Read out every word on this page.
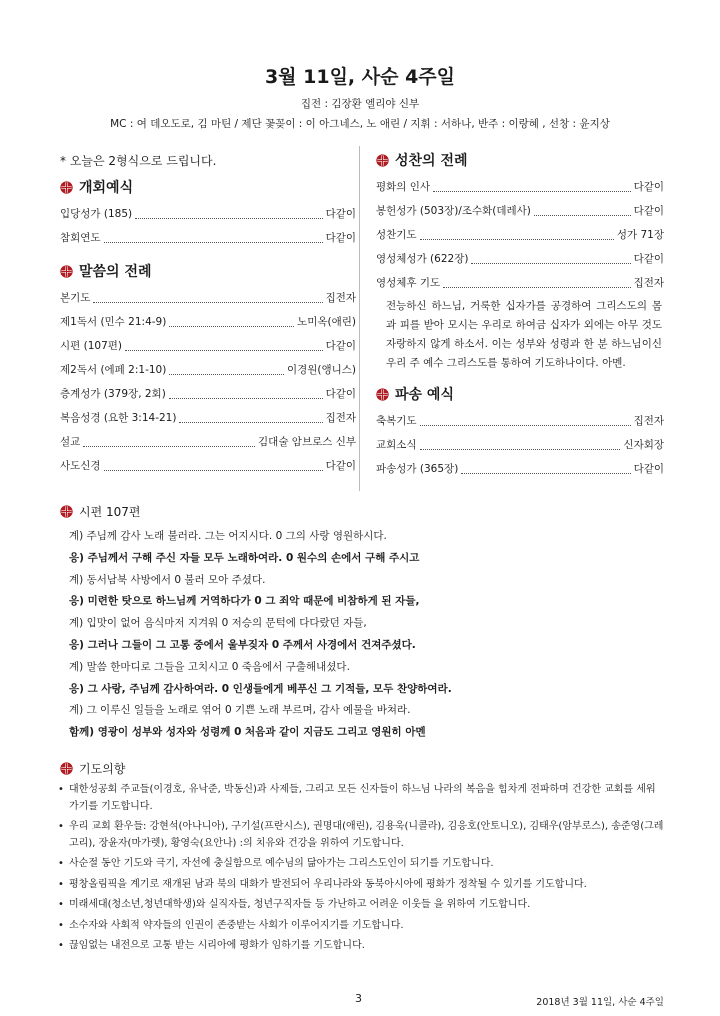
3월 11일, 사순 4주일
집전 : 김장환 엘리야 신부
MC : 여 데오도로, 김 마틴 / 제단 꽃꽂이 : 이 아그네스, 노 애린 / 지휘 : 서하나, 반주 : 이랑혜 , 선창 : 윤지상
* 오늘은 2형식으로 드립니다.
개회예식
입당성가 (185)	다같이
참회연도	다같이
말씀의 전례
본기도	집전자
제1독서 (민수 21:4-9)	노미옥(애린)
시편 (107편)	다같이
제2독서 (에페 2:1-10)	이경원(앵니스)
층계성가 (379장, 2회)	다같이
복음성경 (요한 3:14-21)	집전자
설교	김대술 암브로스 신부
사도신경	다같이
성찬의 전례
평화의 인사	다같이
봉헌성가 (503장)/조수화(데레사)	다같이
성찬기도	성가 71장
영성체성가 (622장)	다같이
영성체후 기도	집전자
전능하신 하느님, 거룩한 십자가를 공경하여 그리스도의 몸과 피를 받아 모시는 우리로 하여금 십자가 외에는 아무 것도 자랑하지 않게 하소서. 이는 성부와 성령과 한 분 하느님이신 우리 주 예수 그리스도를 통하여 기도하나이다. 아멘.
파송 예식
축복기도	집전자
교회소식	신자회장
파송성가 (365장)	다같이
시편 107편
계) 주님께 감사 노래 불러라. 그는 어지시다. 0 그의 사랑 영원하시다.
응) 주님께서 구해 주신 자들 모두 노래하여라. 0 원수의 손에서 구해 주시고
계) 동서남북 사방에서 0 불러 모아 주셨다.
응) 미련한 탓으로 하느님께 거역하다가 0 그 죄악 때문에 비참하게 된 자들,
계) 입맛이 없어 음식마저 지겨워 0 저승의 문턱에 다다랐던 자들,
응) 그러나 그들이 그 고통 중에서 울부짖자 0 주께서 사경에서 건져주셨다.
계) 말씀 한마디로 그들을 고치시고 0 죽음에서 구출해내셨다.
응) 그 사랑, 주님께 감사하여라. 0 인생들에게 베푸신 그 기적들, 모두 찬양하여라.
계) 그 이루신 일들을 노래로 엮어 0 기쁜 노래 부르며, 감사 예물을 바쳐라.
함께) 영광이 성부와 성자와 성령께 0 처음과 같이 지금도 그리고 영원히 아멘
기도의향
• 대한성공회 주교들(이경호, 유낙준, 박동신)과 사제들, 그리고 모든 신자들이 하느님 나라의 복음을 힘차게 전파하며 건강한 교회를 세워가기를 기도합니다.
• 우리 교회 환우들: 강현석(아나니아), 구기설(프란시스), 권명대(애린), 김용욱(니콜라), 김응호(안토니오), 김태우(암부로스), 송준영(그레고리), 장윤자(마가렛), 황영숙(요안나) :의 치유와 건강을 위하여 기도합니다.
• 사순절 동안 기도와 극기, 자선에 충실함으로 예수님의 닮아가는 그리스도인이 되기를 기도합니다.
• 평창올림픽을 계기로 재개된 남과 북의 대화가 발전되어 우리나라와 동북아시아에 평화가 정착될 수 있기를 기도합니다.
• 미래세대(청소년,청년대학생)와 실직자들, 청년구직자들 등 가난하고 어려운 이웃들 을 위하여 기도합니다.
• 소수자와 사회적 약자들의 인권이 존중받는 사회가 이루어지기를 기도합니다.
• 끊임없는 내전으로 고통 받는 시리아에 평화가 임하기를 기도합니다.
3	2018년 3월 11일, 사순 4주일
